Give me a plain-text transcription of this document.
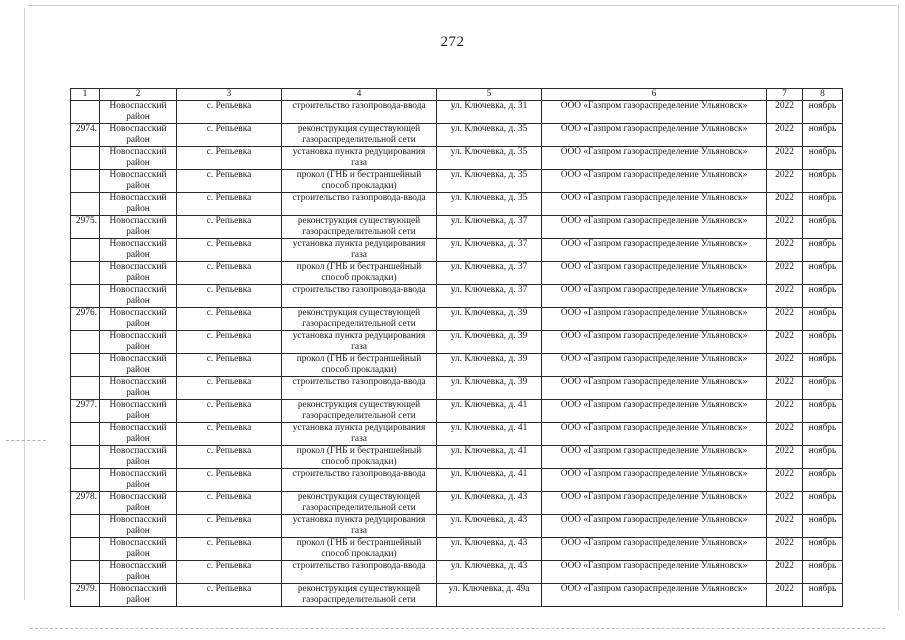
272
1	2	3	4	5	6	7	8
	Новоспасский район	с. Репьевка	строительство газопровода-ввода	ул. Ключевка, д. 31	ООО «Газпром газораспределение Ульяновск»	2022	ноябрь
2974.	Новоспасский район	с. Репьевка	реконструкция существующей газораспределительной сети	ул. Ключевка, д. 35	ООО «Газпром газораспределение Ульяновск»	2022	ноябрь
	Новоспасский район	с. Репьевка	установка пункта редуцирования газа	ул. Ключевка, д. 35	ООО «Газпром газораспределение Ульяновск»	2022	ноябрь
	Новоспасский район	с. Репьевка	прокол (ГНБ и бестраншейный способ прокладки)	ул. Ключевка, д. 35	ООО «Газпром газораспределение Ульяновск»	2022	ноябрь
	Новоспасский район	с. Репьевка	строительство газопровода-ввода	ул. Ключевка, д. 35	ООО «Газпром газораспределение Ульяновск»	2022	ноябрь
2975.	Новоспасский район	с. Репьевка	реконструкция существующей газораспределительной сети	ул. Ключевка, д. 37	ООО «Газпром газораспределение Ульяновск»	2022	ноябрь
	Новоспасский район	с. Репьевка	установка пункта редуцирования газа	ул. Ключевка, д. 37	ООО «Газпром газораспределение Ульяновск»	2022	ноябрь
	Новоспасский район	с. Репьевка	прокол (ГНБ и бестраншейный способ прокладки)	ул. Ключевка, д. 37	ООО «Газпром газораспределение Ульяновск»	2022	ноябрь
	Новоспасский район	с. Репьевка	строительство газопровода-ввода	ул. Ключевка, д. 37	ООО «Газпром газораспределение Ульяновск»	2022	ноябрь
2976.	Новоспасский район	с. Репьевка	реконструкция существующей газораспределительной сети	ул. Ключевка, д. 39	ООО «Газпром газораспределение Ульяновск»	2022	ноябрь
	Новоспасский район	с. Репьевка	установка пункта редуцирования газа	ул. Ключевка, д. 39	ООО «Газпром газораспределение Ульяновск»	2022	ноябрь
	Новоспасский район	с. Репьевка	прокол (ГНБ и бестраншейный способ прокладки)	ул. Ключевка, д. 39	ООО «Газпром газораспределение Ульяновск»	2022	ноябрь
	Новоспасский район	с. Репьевка	строительство газопровода-ввода	ул. Ключевка, д. 39	ООО «Газпром газораспределение Ульяновск»	2022	ноябрь
2977.	Новоспасский район	с. Репьевка	реконструкция существующей газораспределительной сети	ул. Ключевка, д. 41	ООО «Газпром газораспределение Ульяновск»	2022	ноябрь
	Новоспасский район	с. Репьевка	установка пункта редуцирования газа	ул. Ключевка, д. 41	ООО «Газпром газораспределение Ульяновск»	2022	ноябрь
	Новоспасский район	с. Репьевка	прокол (ГНБ и бестраншейный способ прокладки)	ул. Ключевка, д. 41	ООО «Газпром газораспределение Ульяновск»	2022	ноябрь
	Новоспасский район	с. Репьевка	строительство газопровода-ввода	ул. Ключевка, д. 41	ООО «Газпром газораспределение Ульяновск»	2022	ноябрь
2978.	Новоспасский район	с. Репьевка	реконструкция существующей газораспределительной сети	ул. Ключевка, д. 43	ООО «Газпром газораспределение Ульяновск»	2022	ноябрь
	Новоспасский район	с. Репьевка	установка пункта редуцирования газа	ул. Ключевка, д. 43	ООО «Газпром газораспределение Ульяновск»	2022	ноябрь
	Новоспасский район	с. Репьевка	прокол (ГНБ и бестраншейный способ прокладки)	ул. Ключевка, д. 43	ООО «Газпром газораспределение Ульяновск»	2022	ноябрь
	Новоспасский район	с. Репьевка	строительство газопровода-ввода	ул. Ключевка, д. 43	ООО «Газпром газораспределение Ульяновск»	2022	ноябрь
2979.	Новоспасский район	с. Репьевка	реконструкция существующей газораспределительной сети	ул. Ключевка, д. 49а	ООО «Газпром газораспределение Ульяновск»	2022	ноябрь
